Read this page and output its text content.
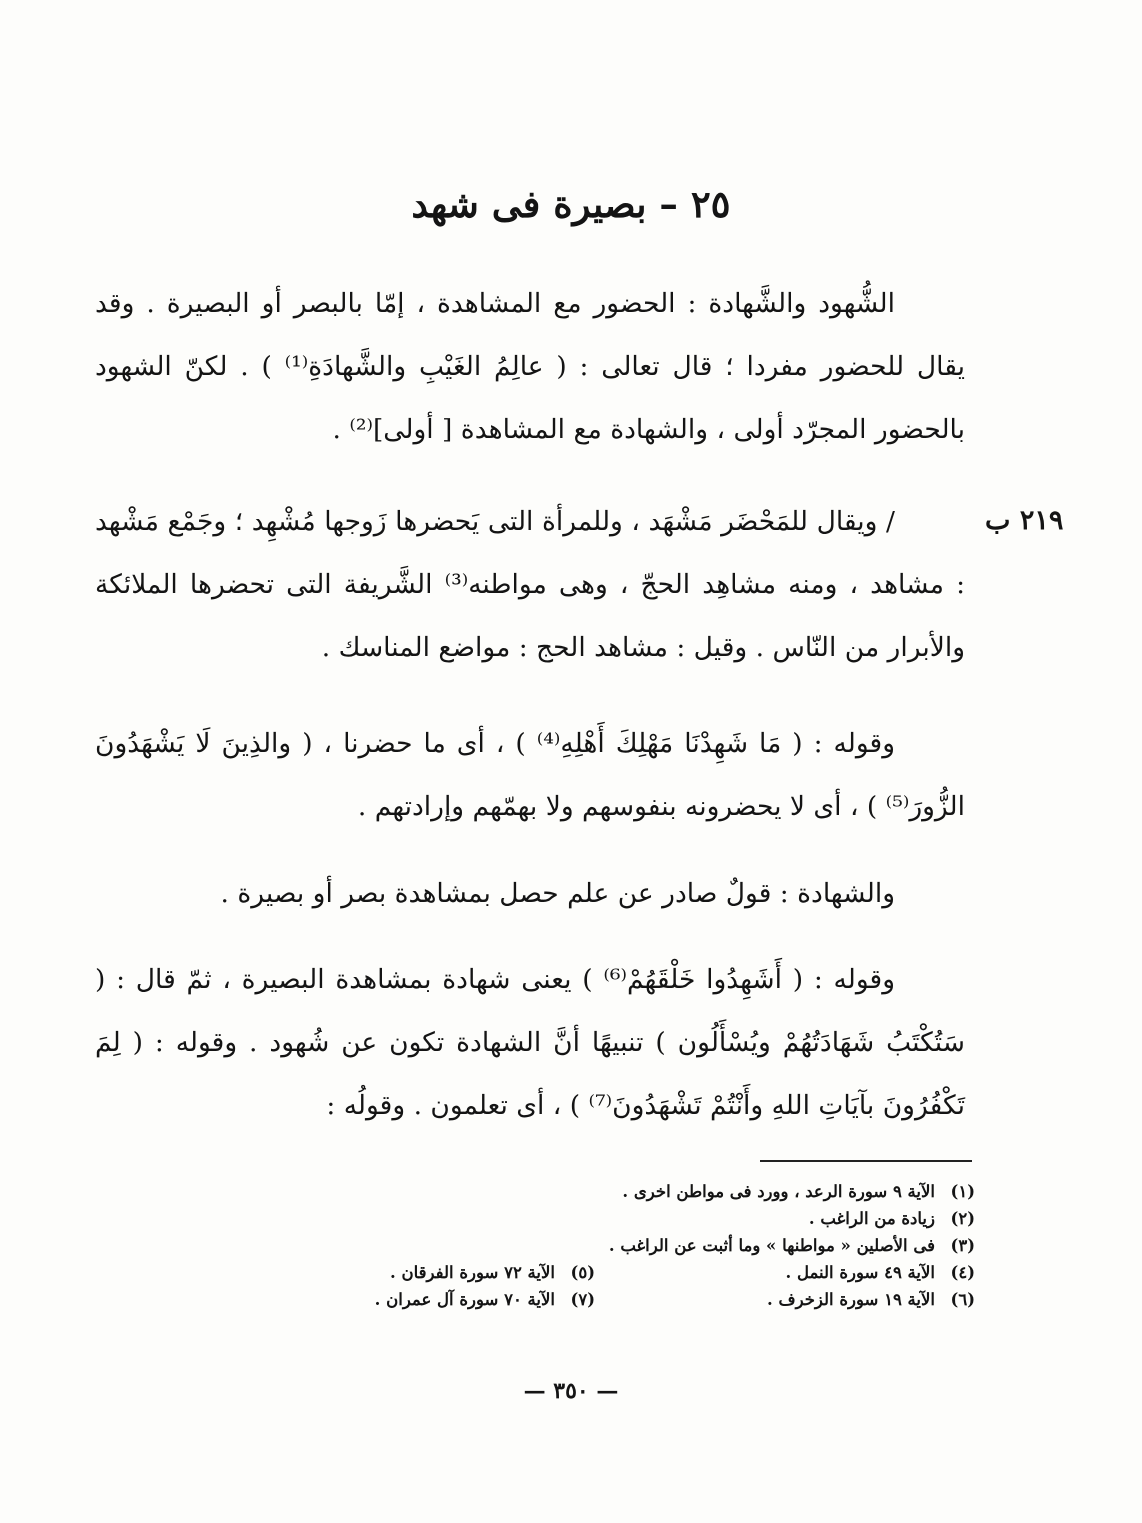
٢٥ – بصيرة فى شهد

الشُّهود والشَّهادة : الحضور مع المشاهدة ، إمّا بالبصر أو البصيرة . وقد يقال للحضور مفردا ؛ قال تعالى : ( عالِمُ الغَيْبِ والشَّهادَةِ⁽¹⁾ ) . لكنّ الشهود بالحضور المجرّد أولى ، والشهادة مع المشاهدة [ أولى]⁽²⁾ .

/ ويقال للمَحْضَر مَشْهَد ، وللمرأة التى يَحضرها زَوجها مُشْهِد ؛ وجَمْع مَشْهد : مشاهد ، ومنه مشاهِد الحجّ ، وهى مواطنه⁽³⁾ الشَّريفة التى تحضرها الملائكة والأبرار من النّاس . وقيل : مشاهد الحج : مواضع المناسك .

وقوله : ( مَا شَهِدْنَا مَهْلِكَ أَهْلِهِ⁽⁴⁾ ) ، أى ما حضرنا ، ( والذِينَ لَا يَشْهَدُونَ الزُّورَ⁽⁵⁾ ) ، أى لا يحضرونه بنفوسهم ولا بهمّهم وإرادتهم .

والشهادة : قولٌ صادر عن علم حصل بمشاهدة بصر أو بصيرة .

وقوله : ( أَشَهِدُوا خَلْقَهُمْ⁽⁶⁾ ) يعنى شهادة بمشاهدة البصيرة ، ثمّ قال : ( سَتُكْتَبُ شَهَادَتُهُمْ ويُسْأَلُون ) تنبيهًا أنَّ الشهادة تكون عن شُهود . وقوله : ( لِمَ تَكْفُرُونَ بآيَاتِ اللهِ وأَنْتُمْ تَشْهَدُونَ⁽⁷⁾ ) ، أى تعلمون . وقولُه :

٢١٩ ب
(١)
الآية ٩ سورة الرعد ، وورد فى مواطن اخرى .
(٢)
زيادة من الراغب .
(٣)
فى الأصلين « مواطنها » وما أثبت عن الراغب .
(٤)
الآية ٤٩ سورة النمل .
(٥)
الآية ٧٢ سورة الفرقان .
(٦)
الآية ١٩ سورة الزخرف .
(٧)
الآية ٧٠ سورة آل عمران .
— ٣٥٠ —
